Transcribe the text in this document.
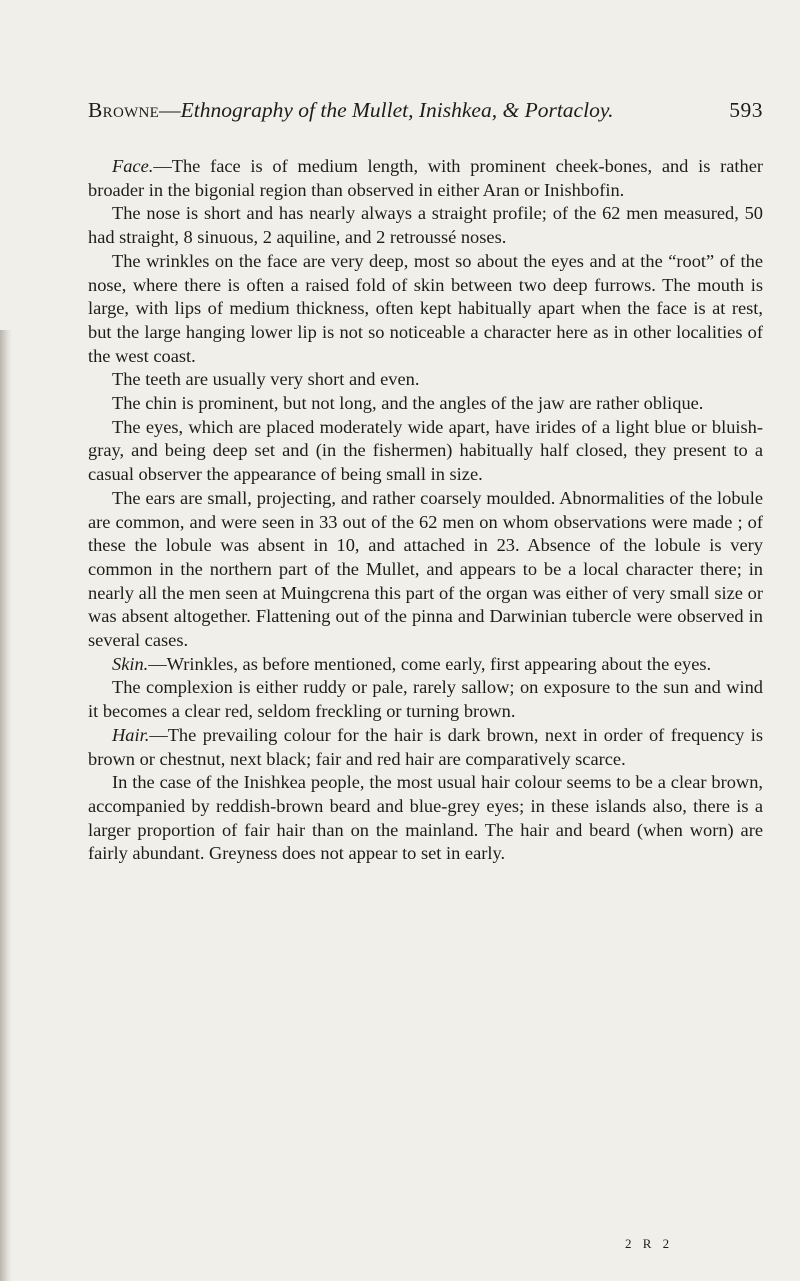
Browne—Ethnography of the Mullet, Inishkea, & Portacloy.	593

Face.—The face is of medium length, with prominent cheek-bones, and is rather broader in the bigonial region than observed in either Aran or Inishbofin.

The nose is short and has nearly always a straight profile; of the 62 men measured, 50 had straight, 8 sinuous, 2 aquiline, and 2 retroussé noses.

The wrinkles on the face are very deep, most so about the eyes and at the “root” of the nose, where there is often a raised fold of skin between two deep furrows. The mouth is large, with lips of medium thickness, often kept habitually apart when the face is at rest, but the large hanging lower lip is not so noticeable a character here as in other localities of the west coast.

The teeth are usually very short and even.

The chin is prominent, but not long, and the angles of the jaw are rather oblique.

The eyes, which are placed moderately wide apart, have irides of a light blue or bluish-gray, and being deep set and (in the fishermen) habitually half closed, they present to a casual observer the appearance of being small in size.

The ears are small, projecting, and rather coarsely moulded. Abnormalities of the lobule are common, and were seen in 33 out of the 62 men on whom observations were made ; of these the lobule was absent in 10, and attached in 23. Absence of the lobule is very common in the northern part of the Mullet, and appears to be a local character there; in nearly all the men seen at Muingcrena this part of the organ was either of very small size or was absent altogether. Flattening out of the pinna and Darwinian tubercle were observed in several cases.

Skin.—Wrinkles, as before mentioned, come early, first appearing about the eyes.

The complexion is either ruddy or pale, rarely sallow; on exposure to the sun and wind it becomes a clear red, seldom freckling or turning brown.

Hair.—The prevailing colour for the hair is dark brown, next in order of frequency is brown or chestnut, next black; fair and red hair are comparatively scarce.

In the case of the Inishkea people, the most usual hair colour seems to be a clear brown, accompanied by reddish-brown beard and blue-grey eyes; in these islands also, there is a larger proportion of fair hair than on the mainland. The hair and beard (when worn) are fairly abundant. Greyness does not appear to set in early.

2 R 2
